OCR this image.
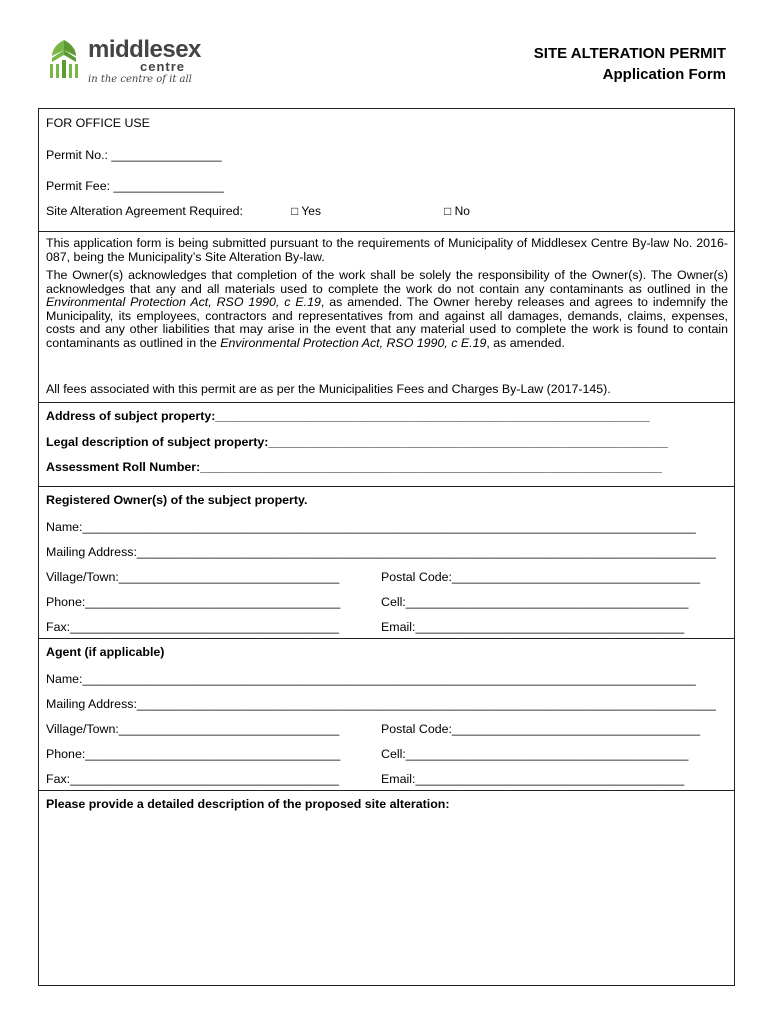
middlesex
centre
in the centre of it all
SITE ALTERATION PERMIT
Application Form
FOR OFFICE USE
Permit No.: ________________
Permit Fee: ________________
Site Alteration Agreement Required:	□ Yes	□ No
This application form is being submitted pursuant to the requirements of Municipality of Middlesex Centre By-law No. 2016-087, being the Municipality’s Site Alteration By-law.
The Owner(s) acknowledges that completion of the work shall be solely the responsibility of the Owner(s). The Owner(s) acknowledges that any and all materials used to complete the work do not contain any contaminants as outlined in the Environmental Protection Act, RSO 1990, c E.19, as amended. The Owner hereby releases and agrees to indemnify the Municipality, its employees, contractors and representatives from and against all damages, demands, claims, expenses, costs and any other liabilities that may arise in the event that any material used to complete the work is found to contain contaminants as outlined in the Environmental Protection Act, RSO 1990, c E.19, as amended.
All fees associated with this permit are as per the Municipalities Fees and Charges By-Law (2017-145).
Address of subject property:_______________________________________________________________
Legal description of subject property:__________________________________________________________
Assessment Roll Number:___________________________________________________________________
Registered Owner(s) of the subject property.
Name:_________________________________________________________________________________________
Mailing Address:____________________________________________________________________________________
Village/Town:________________________________	Postal Code:____________________________________
Phone:_____________________________________	Cell:_________________________________________
Fax:_______________________________________	Email:_______________________________________
Agent (if applicable)
Name:_________________________________________________________________________________________
Mailing Address:____________________________________________________________________________________
Village/Town:________________________________	Postal Code:____________________________________
Phone:_____________________________________	Cell:_________________________________________
Fax:_______________________________________	Email:_______________________________________
Please provide a detailed description of the proposed site alteration:
